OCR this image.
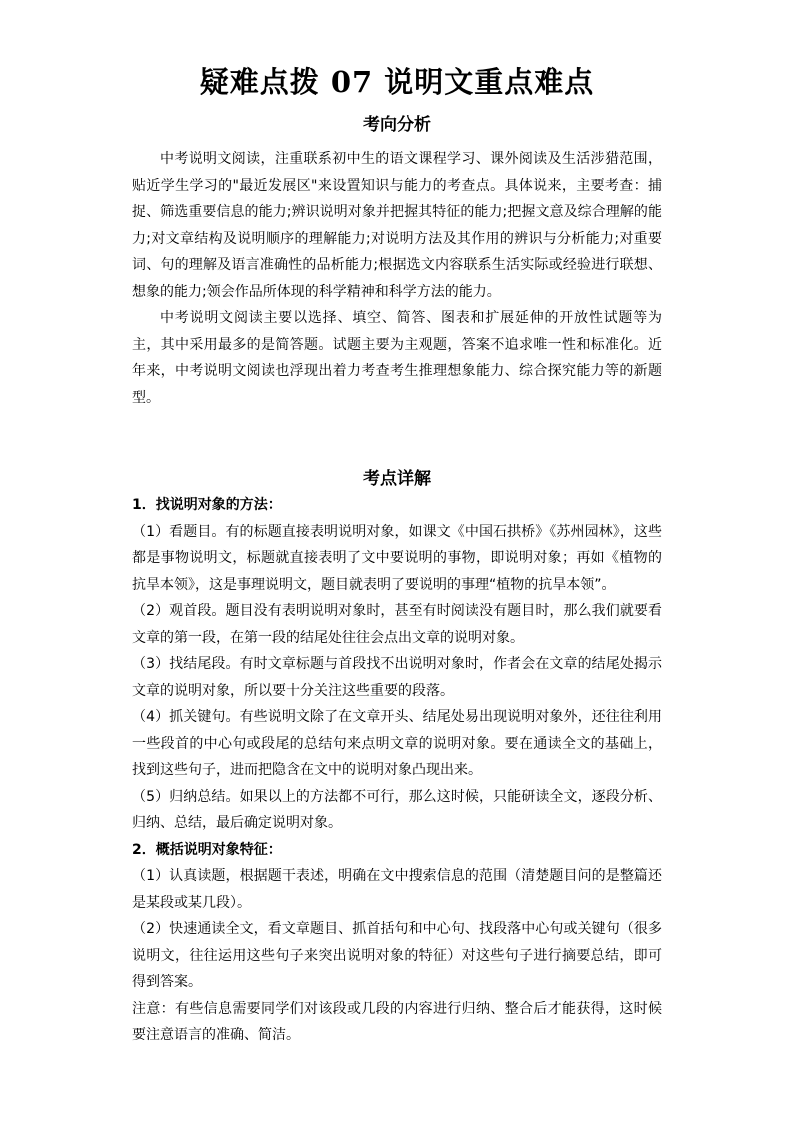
疑难点拨 07 说明文重点难点
考向分析

中考说明文阅读，注重联系初中生的语文课程学习、课外阅读及生活涉猎范围，贴近学生学习的"最近发展区"来设置知识与能力的考查点。具体说来，主要考查：捕捉、筛选重要信息的能力;辨识说明对象并把握其特征的能力;把握文意及综合理解的能力;对文章结构及说明顺序的理解能力;对说明方法及其作用的辨识与分析能力;对重要词、句的理解及语言准确性的品析能力;根据选文内容联系生活实际或经验进行联想、想象的能力;领会作品所体现的科学精神和科学方法的能力。

中考说明文阅读主要以选择、填空、简答、图表和扩展延伸的开放性试题等为主，其中采用最多的是简答题。试题主要为主观题，答案不追求唯一性和标准化。近年来，中考说明文阅读也浮现出着力考查考生推理想象能力、综合探究能力等的新题型。

考点详解

1．找说明对象的方法：

（1）看题目。有的标题直接表明说明对象，如课文《中国石拱桥》《苏州园林》，这些都是事物说明文，标题就直接表明了文中要说明的事物，即说明对象；再如《植物的抗旱本领》，这是事理说明文，题目就表明了要说明的事理“植物的抗旱本领”。

（2）观首段。题目没有表明说明对象时，甚至有时阅读没有题目时，那么我们就要看文章的第一段，在第一段的结尾处往往会点出文章的说明对象。

（3）找结尾段。有时文章标题与首段找不出说明对象时，作者会在文章的结尾处揭示文章的说明对象，所以要十分关注这些重要的段落。

（4）抓关键句。有些说明文除了在文章开头、结尾处易出现说明对象外，还往往利用一些段首的中心句或段尾的总结句来点明文章的说明对象。要在通读全文的基础上，找到这些句子，进而把隐含在文中的说明对象凸现出来。

（5）归纳总结。如果以上的方法都不可行，那么这时候，只能研读全文，逐段分析、归纳、总结，最后确定说明对象。

2．概括说明对象特征：

（1）认真读题，根据题干表述，明确在文中搜索信息的范围（清楚题目问的是整篇还是某段或某几段）。

（2）快速通读全文，看文章题目、抓首括句和中心句、找段落中心句或关键句（很多说明文，往往运用这些句子来突出说明对象的特征）对这些句子进行摘要总结，即可得到答案。

注意：有些信息需要同学们对该段或几段的内容进行归纳、整合后才能获得，这时候要注意语言的准确、简洁。
